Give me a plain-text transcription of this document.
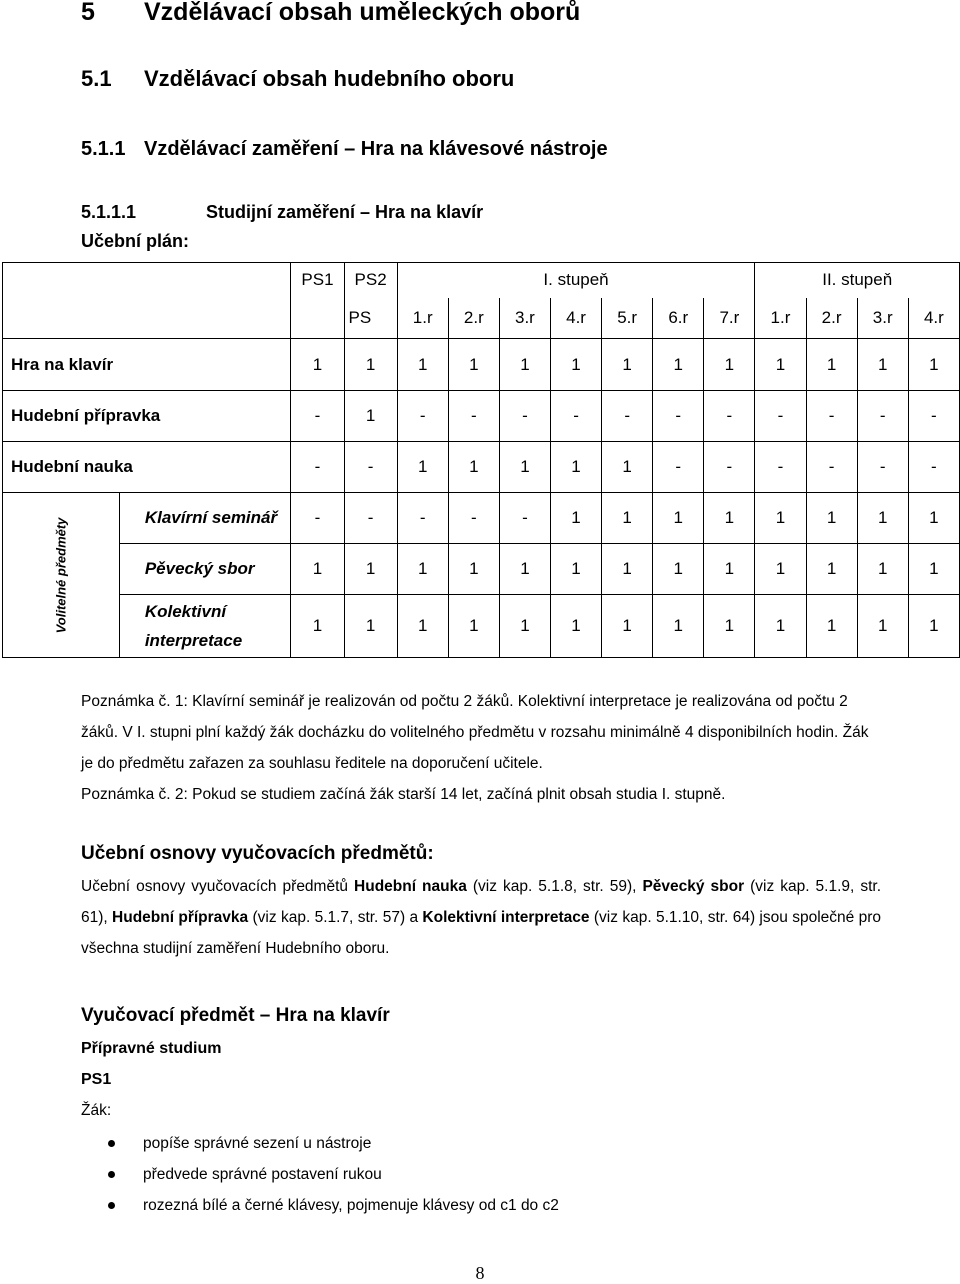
5 Vzdělávací obsah uměleckých oborů
5.1 Vzdělávací obsah hudebního oboru
5.1.1 Vzdělávací zaměření – Hra na klávesové nástroje
5.1.1.1	Studijní zaměření – Hra na klavír
Učební plán:
		PS1	PS2	I. stupeň							II. stupeň			
			PS	1.r	2.r	3.r	4.r	5.r	6.r	7.r	1.r	2.r	3.r	4.r
Hra na klavír		1	1	1	1	1	1	1	1	1	1	1	1	1
Hudební přípravka		-	1	-	-	-	-	-	-	-	-	-	-	-
Hudební nauka		-	-	1	1	1	1	1	-	-	-	-	-	-
Volitelné předměty	Klavírní seminář	-	-	-	-	-	1	1	1	1	1	1	1	1
	Pěvecký sbor	1	1	1	1	1	1	1	1	1	1	1	1	1

	Kolektivní
interpretace	1	1	1	1	1	1	1	1	1	1	1	1	1

Poznámka č. 1: Klavírní seminář je realizován od počtu 2 žáků. Kolektivní interpretace je realizována od počtu 2 žáků. V I. stupni plní každý žák docházku do volitelného předmětu v rozsahu minimálně 4 disponibilních hodin. Žák je do předmětu zařazen za souhlasu ředitele na doporučení učitele.

Poznámka č. 2: Pokud se studiem začíná žák starší 14 let, začíná plnit obsah studia I. stupně.

Učební osnovy vyučovacích předmětů:
Učební osnovy vyučovacích předmětů Hudební nauka (viz kap. 5.1.8, str. 59), Pěvecký sbor (viz kap. 5.1.9, str. 61), Hudební přípravka (viz kap. 5.1.7, str. 57) a Kolektivní interpretace (viz kap. 5.1.10, str. 64) jsou společné pro všechna studijní zaměření Hudebního oboru.
Vyučovací předmět – Hra na klavír
Přípravné studium
PS1
Žák:
popíše správné sezení u nástroje
předvede správné postavení rukou
rozezná bílé a černé klávesy, pojmenuje klávesy od c1 do c2
8
